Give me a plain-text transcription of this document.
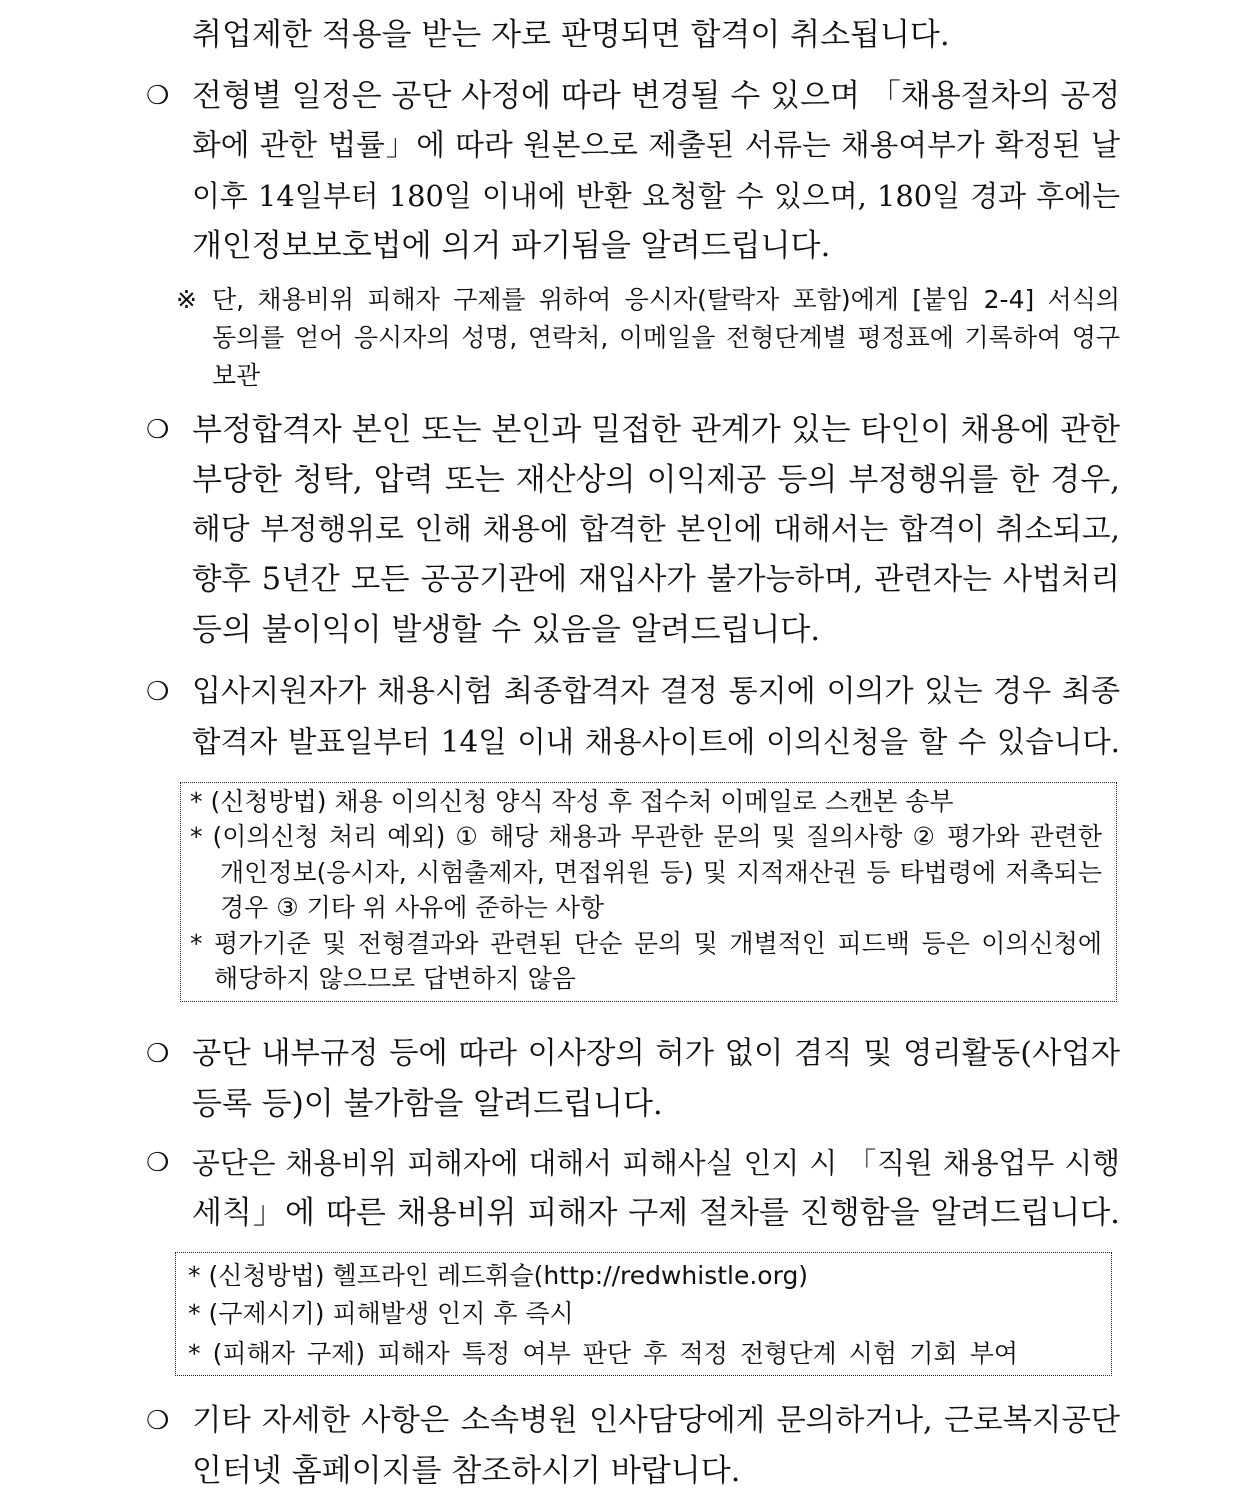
취업제한 적용을 받는 자로 판명되면 합격이 취소됩니다.
❍ 전형별 일정은 공단 사정에 따라 변경될 수 있으며 「채용절차의 공정
화에 관한 법률」에 따라 원본으로 제출된 서류는 채용여부가 확정된 날
이후 14일부터 180일 이내에 반환 요청할 수 있으며, 180일 경과 후에는
개인정보보호법에 의거 파기됨을 알려드립니다.
※ 단, 채용비위 피해자 구제를 위하여 응시자(탈락자 포함)에게 [붙임 2-4] 서식의
동의를 얻어 응시자의 성명, 연락처, 이메일을 전형단계별 평정표에 기록하여 영구
보관
❍ 부정합격자 본인 또는 본인과 밀접한 관계가 있는 타인이 채용에 관한
부당한 청탁, 압력 또는 재산상의 이익제공 등의 부정행위를 한 경우,
해당 부정행위로 인해 채용에 합격한 본인에 대해서는 합격이 취소되고,
향후 5년간 모든 공공기관에 재입사가 불가능하며, 관련자는 사법처리
등의 불이익이 발생할 수 있음을 알려드립니다.
❍ 입사지원자가 채용시험 최종합격자 결정 통지에 이의가 있는 경우 최종
합격자 발표일부터 14일 이내 채용사이트에 이의신청을 할 수 있습니다.
* (신청방법) 채용 이의신청 양식 작성 후 접수처 이메일로 스캔본 송부
* (이의신청 처리 예외) ① 해당 채용과 무관한 문의 및 질의사항 ② 평가와 관련한
개인정보(응시자, 시험출제자, 면접위원 등) 및 지적재산권 등 타법령에 저촉되는
경우 ③ 기타 위 사유에 준하는 사항
* 평가기준 및 전형결과와 관련된 단순 문의 및 개별적인 피드백 등은 이의신청에
해당하지 않으므로 답변하지 않음
❍ 공단 내부규정 등에 따라 이사장의 허가 없이 겸직 및 영리활동(사업자
등록 등)이 불가함을 알려드립니다.
❍ 공단은 채용비위 피해자에 대해서 피해사실 인지 시 「직원 채용업무 시행
세칙」에 따른 채용비위 피해자 구제 절차를 진행함을 알려드립니다.
* (신청방법) 헬프라인 레드휘슬(http://redwhistle.org)
* (구제시기) 피해발생 인지 후 즉시
* (피해자 구제) 피해자 특정 여부 판단 후 적정 전형단계 시험 기회 부여
❍ 기타 자세한 사항은 소속병원 인사담당에게 문의하거나, 근로복지공단
인터넷 홈페이지를 참조하시기 바랍니다.
